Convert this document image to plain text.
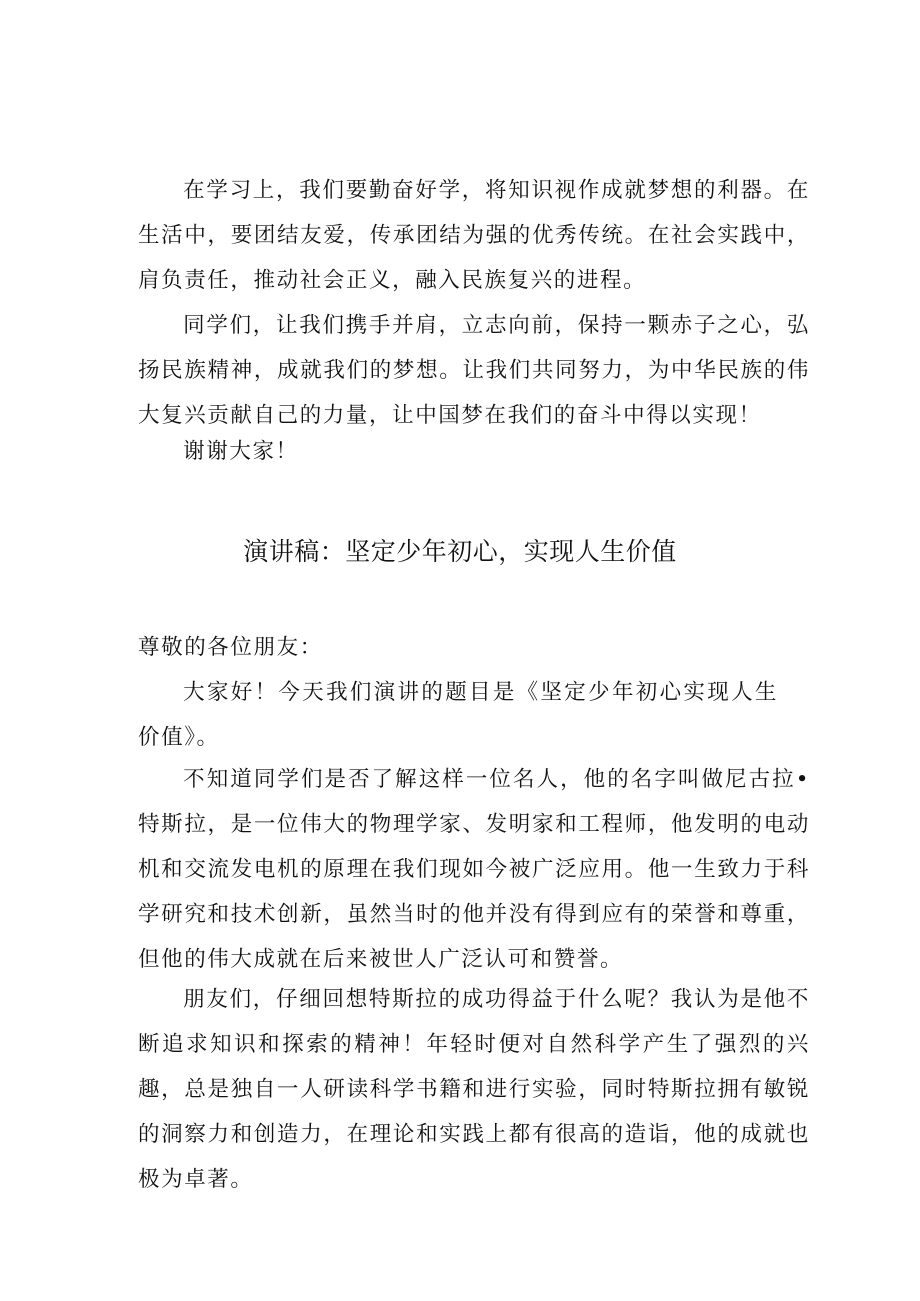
在学习上，我们要勤奋好学，将知识视作成就梦想的利器。在生活中，要团结友爱，传承团结为强的优秀传统。在社会实践中，肩负责任，推动社会正义，融入民族复兴的进程。

同学们，让我们携手并肩，立志向前，保持一颗赤子之心，弘扬民族精神，成就我们的梦想。让我们共同努力，为中华民族的伟大复兴贡献自己的力量，让中国梦在我们的奋斗中得以实现！

谢谢大家！

演讲稿：坚定少年初心，实现人生价值

尊敬的各位朋友：

大家好！今天我们演讲的题目是《坚定少年初心实现人生价值》。

不知道同学们是否了解这样一位名人，他的名字叫做尼古拉•特斯拉，是一位伟大的物理学家、发明家和工程师，他发明的电动机和交流发电机的原理在我们现如今被广泛应用。他一生致力于科学研究和技术创新，虽然当时的他并没有得到应有的荣誉和尊重，但他的伟大成就在后来被世人广泛认可和赞誉。

朋友们，仔细回想特斯拉的成功得益于什么呢？我认为是他不断追求知识和探索的精神！年轻时便对自然科学产生了强烈的兴趣，总是独自一人研读科学书籍和进行实验，同时特斯拉拥有敏锐的洞察力和创造力，在理论和实践上都有很高的造诣，他的成就也极为卓著。
